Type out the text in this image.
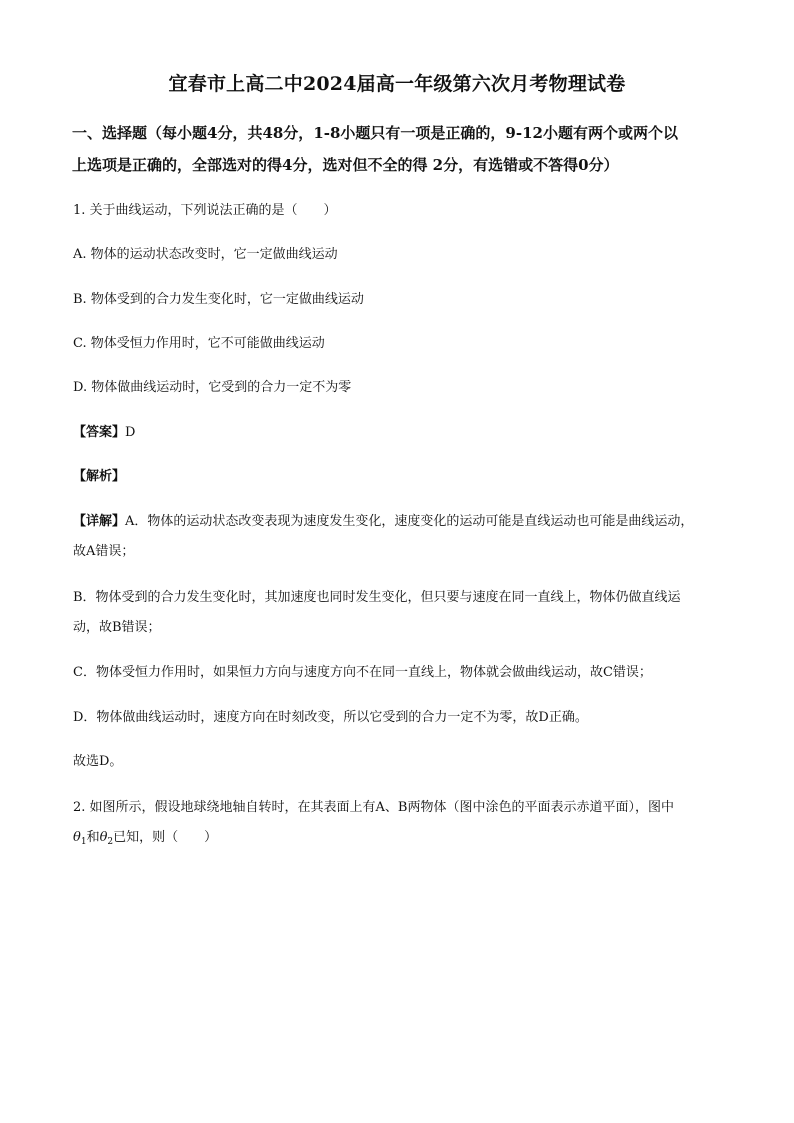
宜春市上高二中2024届高一年级第六次月考物理试卷
一、选择题（每小题4分，共48分，1-8小题只有一项是正确的，9-12小题有两个或两个以
上选项是正确的，全部选对的得4分，选对但不全的得 2分，有选错或不答得0分）
1. 关于曲线运动，下列说法正确的是（　　）
A. 物体的运动状态改变时，它一定做曲线运动
B. 物体受到的合力发生变化时，它一定做曲线运动
C. 物体受恒力作用时，它不可能做曲线运动
D. 物体做曲线运动时，它受到的合力一定不为零
【答案】D
【解析】
【详解】A．物体的运动状态改变表现为速度发生变化，速度变化的运动可能是直线运动也可能是曲线运动，
故A错误；
B．物体受到的合力发生变化时，其加速度也同时发生变化，但只要与速度在同一直线上，物体仍做直线运
动，故B错误；
C．物体受恒力作用时，如果恒力方向与速度方向不在同一直线上，物体就会做曲线运动，故C错误；
D．物体做曲线运动时，速度方向在时刻改变，所以它受到的合力一定不为零，故D正确。
故选D。
2. 如图所示，假设地球绕地轴自转时，在其表面上有A、B两物体（图中涂色的平面表示赤道平面），图中
$\theta_1$和$\theta_2$已知，则（　　）
